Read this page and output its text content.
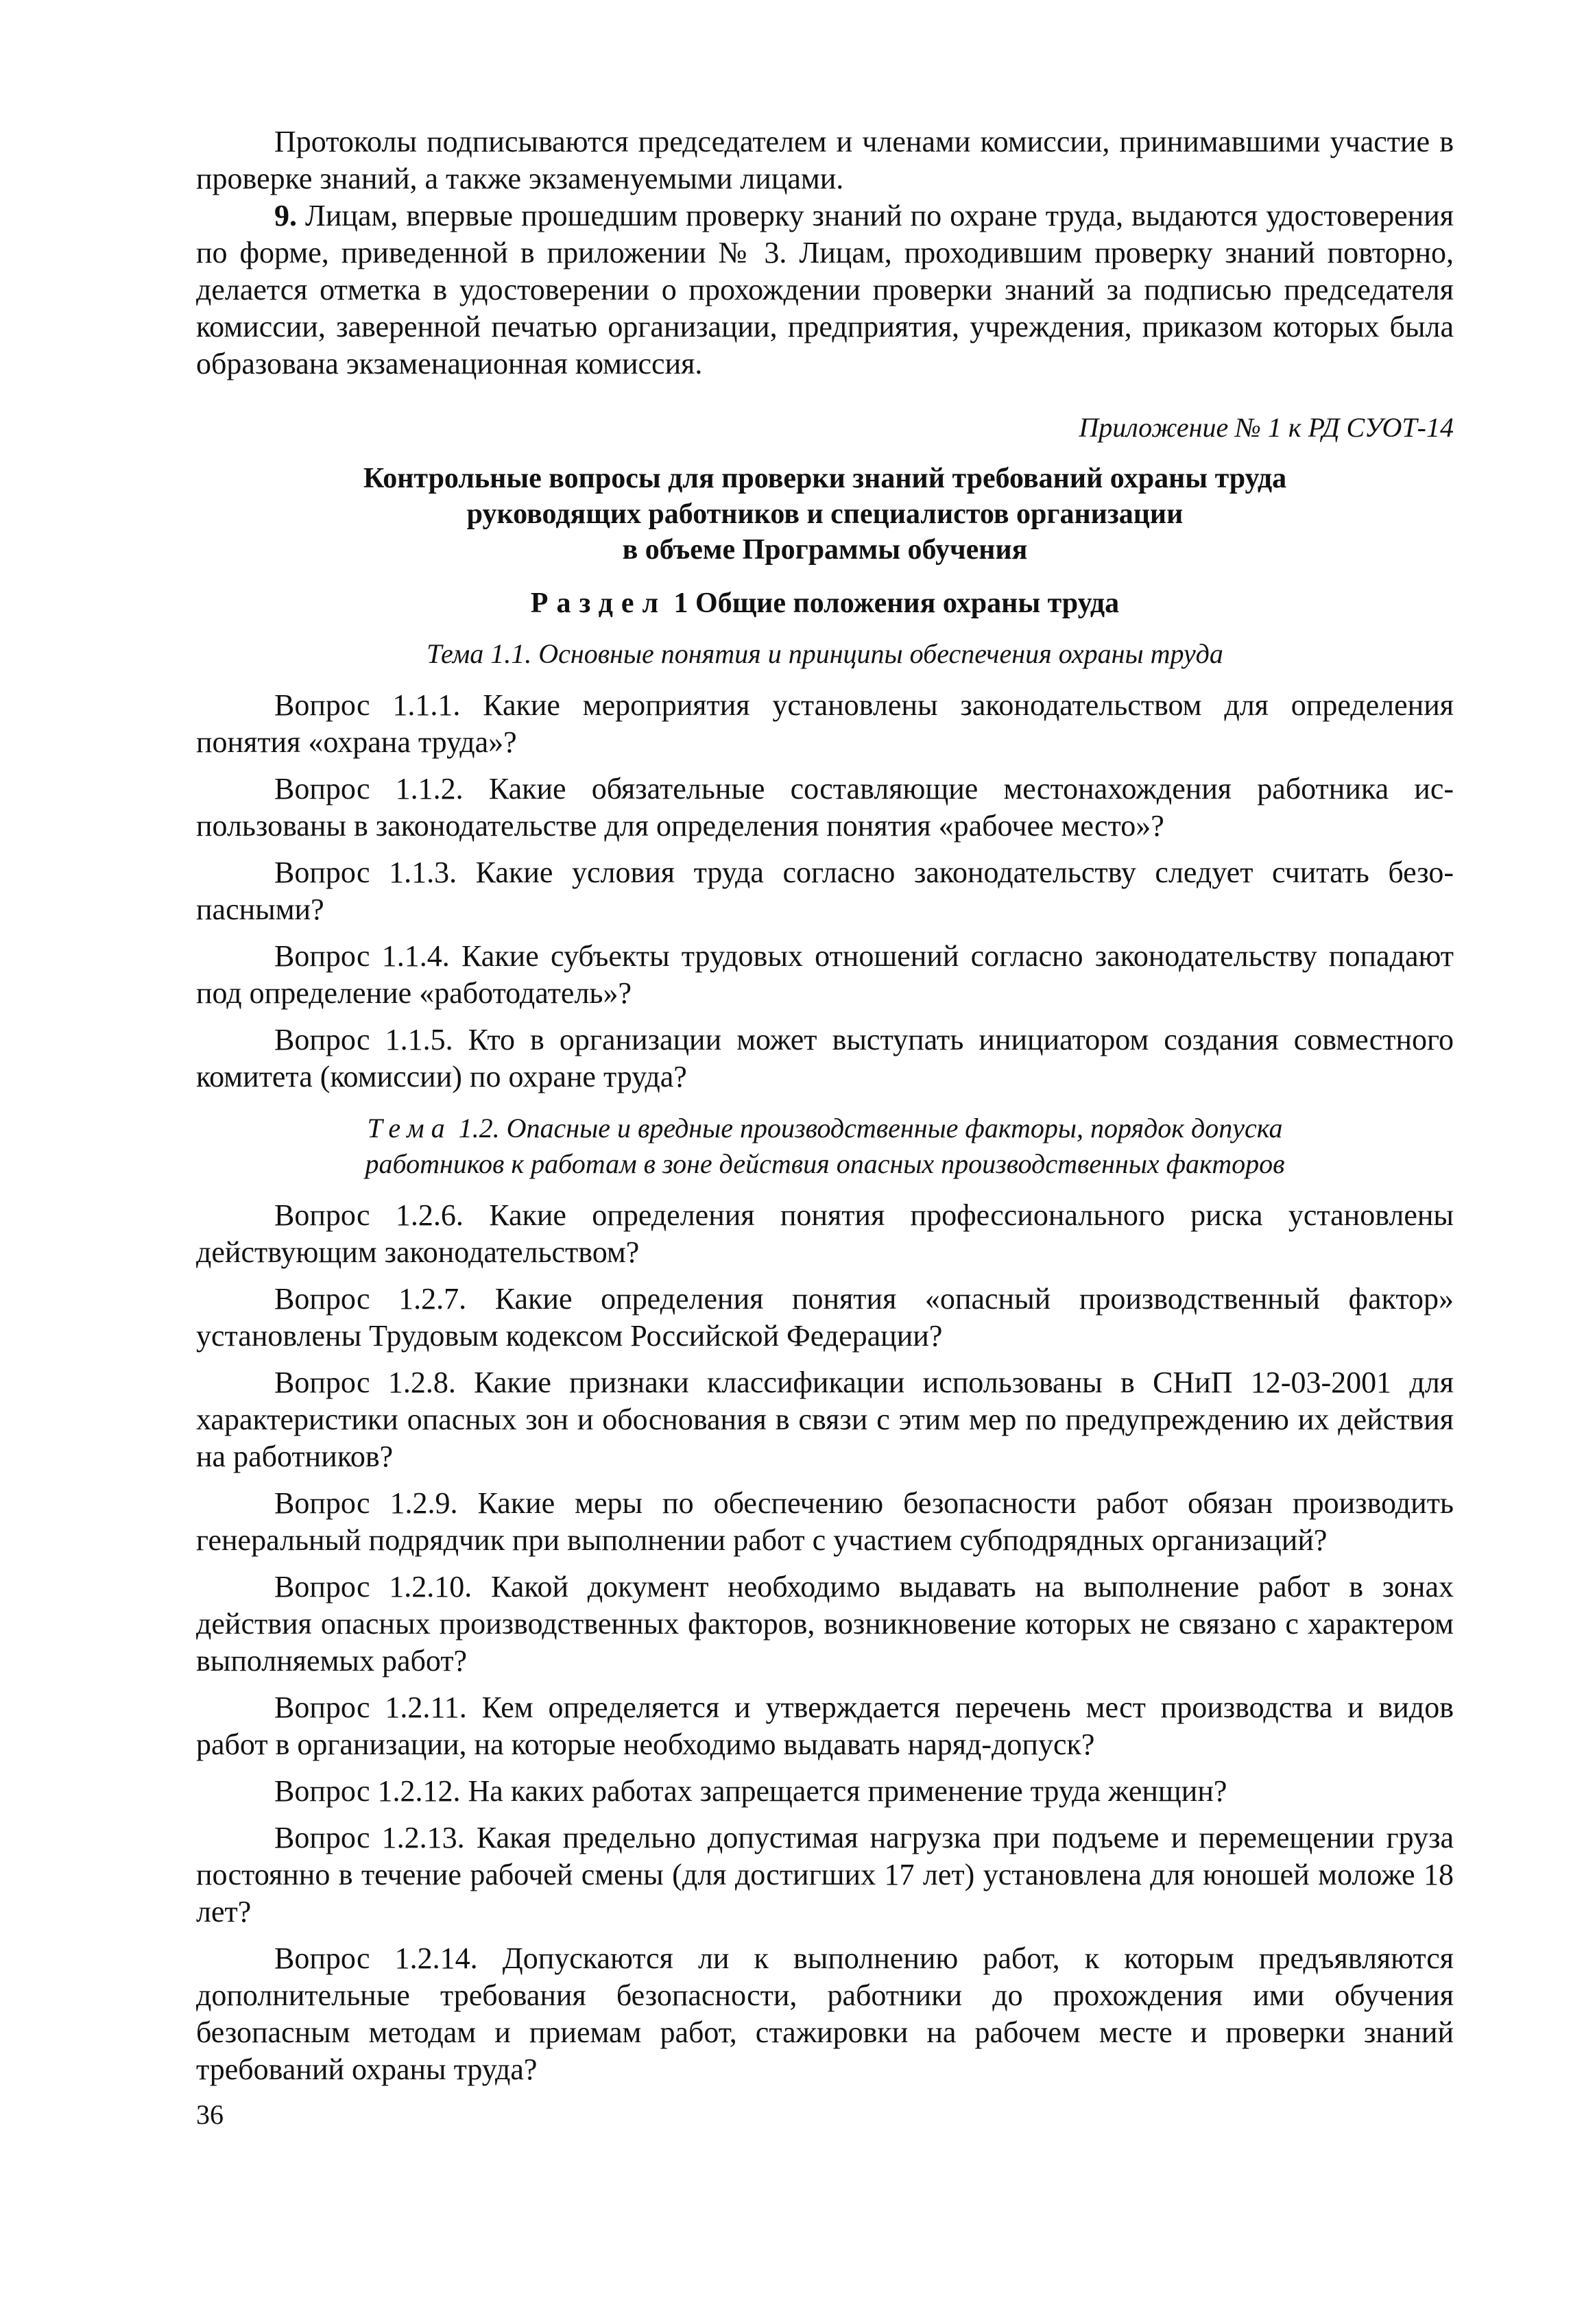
Протоколы подписываются председателем и членами комиссии, принимавшими участие в проверке знаний, а также экзаменуемыми лицами.

9. Лицам, впервые прошедшим проверку знаний по охране труда, выдаются удостоверения по форме, приведенной в приложении № 3. Лицам, проходившим проверку знаний повторно, делается отметка в удостоверении о прохождении проверки знаний за подписью председателя комиссии, заверенной печатью организации, предприятия, учреждения, приказом которых была образована экзаменационная комиссия.

Приложение № 1 к РД СУОТ-14
Контрольные вопросы для проверки знаний требований охраны труда
руководящих работников и специалистов организации
в объеме Программы обучения
Раздел 1 Общие положения охраны труда
Тема 1.1. Основные понятия и принципы обеспечения охраны труда

Вопрос 1.1.1. Какие мероприятия установлены законодательством для определения понятия «охрана труда»?

Вопрос 1.1.2. Какие обязательные составляющие местонахождения работника использованы в законодательстве для определения понятия «рабочее место»?

Вопрос 1.1.3. Какие условия труда согласно законодательству следует считать безопасными?

Вопрос 1.1.4. Какие субъекты трудовых отношений согласно законодательству попадают под определение «работодатель»?

Вопрос 1.1.5. Кто в организации может выступать инициатором создания совместного комитета (комиссии) по охране труда?

Тема 1.2. Опасные и вредные производственные факторы, порядок допуска
работников к работам в зоне действия опасных производственных факторов

Вопрос 1.2.6. Какие определения понятия профессионального риска установлены действующим законодательством?

Вопрос 1.2.7. Какие определения понятия «опасный производственный фактор» установлены Трудовым кодексом Российской Федерации?

Вопрос 1.2.8. Какие признаки классификации использованы в СНиП 12-03-2001 для характеристики опасных зон и обоснования в связи с этим мер по предупреждению их действия на работников?

Вопрос 1.2.9. Какие меры по обеспечению безопасности работ обязан производить генеральный подрядчик при выполнении работ с участием субподрядных организаций?

Вопрос 1.2.10. Какой документ необходимо выдавать на выполнение работ в зонах действия опасных производственных факторов, возникновение которых не связано с характером выполняемых работ?

Вопрос 1.2.11. Кем определяется и утверждается перечень мест производства и видов работ в организации, на которые необходимо выдавать наряд-допуск?

Вопрос 1.2.12. На каких работах запрещается применение труда женщин?

Вопрос 1.2.13. Какая предельно допустимая нагрузка при подъеме и перемещении груза постоянно в течение рабочей смены (для достигших 17 лет) установлена для юношей моложе 18 лет?

Вопрос 1.2.14. Допускаются ли к выполнению работ, к которым предъявляются дополнительные требования безопасности, работники до прохождения ими обучения безопасным методам и приемам работ, стажировки на рабочем месте и проверки знаний требований охраны труда?

36
